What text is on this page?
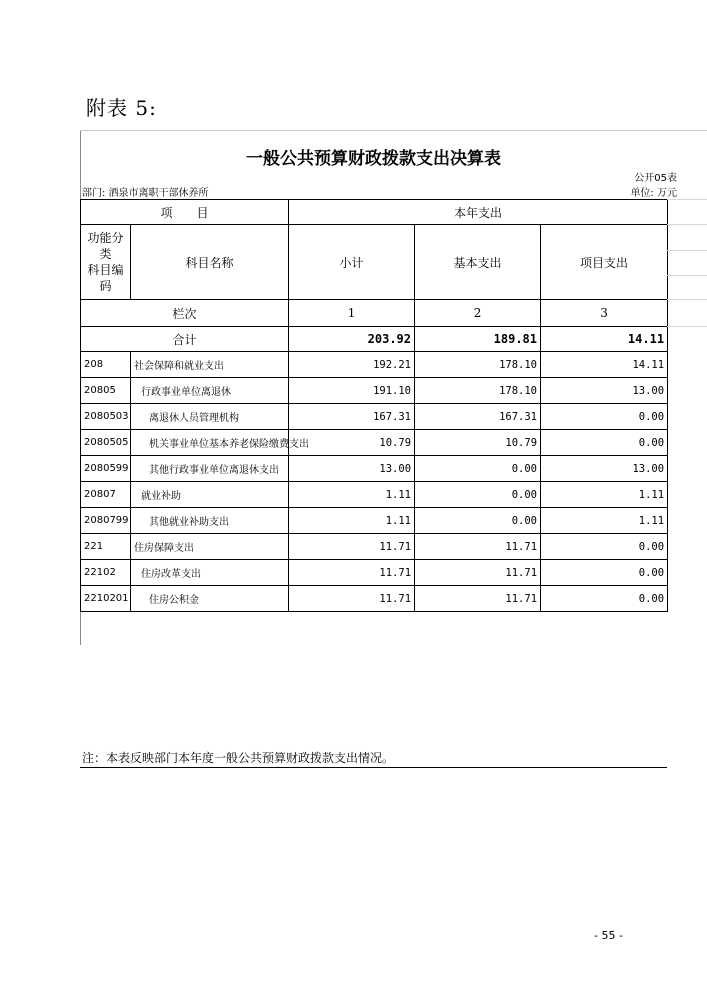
附表 5:
一般公共预算财政拨款支出决算表
公开05表
部门: 酒泉市离职干部休养所	单位: 万元
项　　目		本年支出		
功能分类
科目编码	科目名称	小计	基本支出	项目支出
栏次		1	2	3
合计		203.92	189.81	14.11
208	社会保障和就业支出	192.21	178.10	14.11
20805	行政事业单位离退休	191.10	178.10	13.00
2080503	离退休人员管理机构	167.31	167.31	0.00
2080505	机关事业单位基本养老保险缴费支出	10.79	10.79	0.00
2080599	其他行政事业单位离退休支出	13.00	0.00	13.00
20807	就业补助	1.11	0.00	1.11
2080799	其他就业补助支出	1.11	0.00	1.11
221	住房保障支出	11.71	11.71	0.00
22102	住房改革支出	11.71	11.71	0.00
2210201	住房公积金	11.71	11.71	0.00
注：本表反映部门本年度一般公共预算财政拨款支出情况。
- 55 -
